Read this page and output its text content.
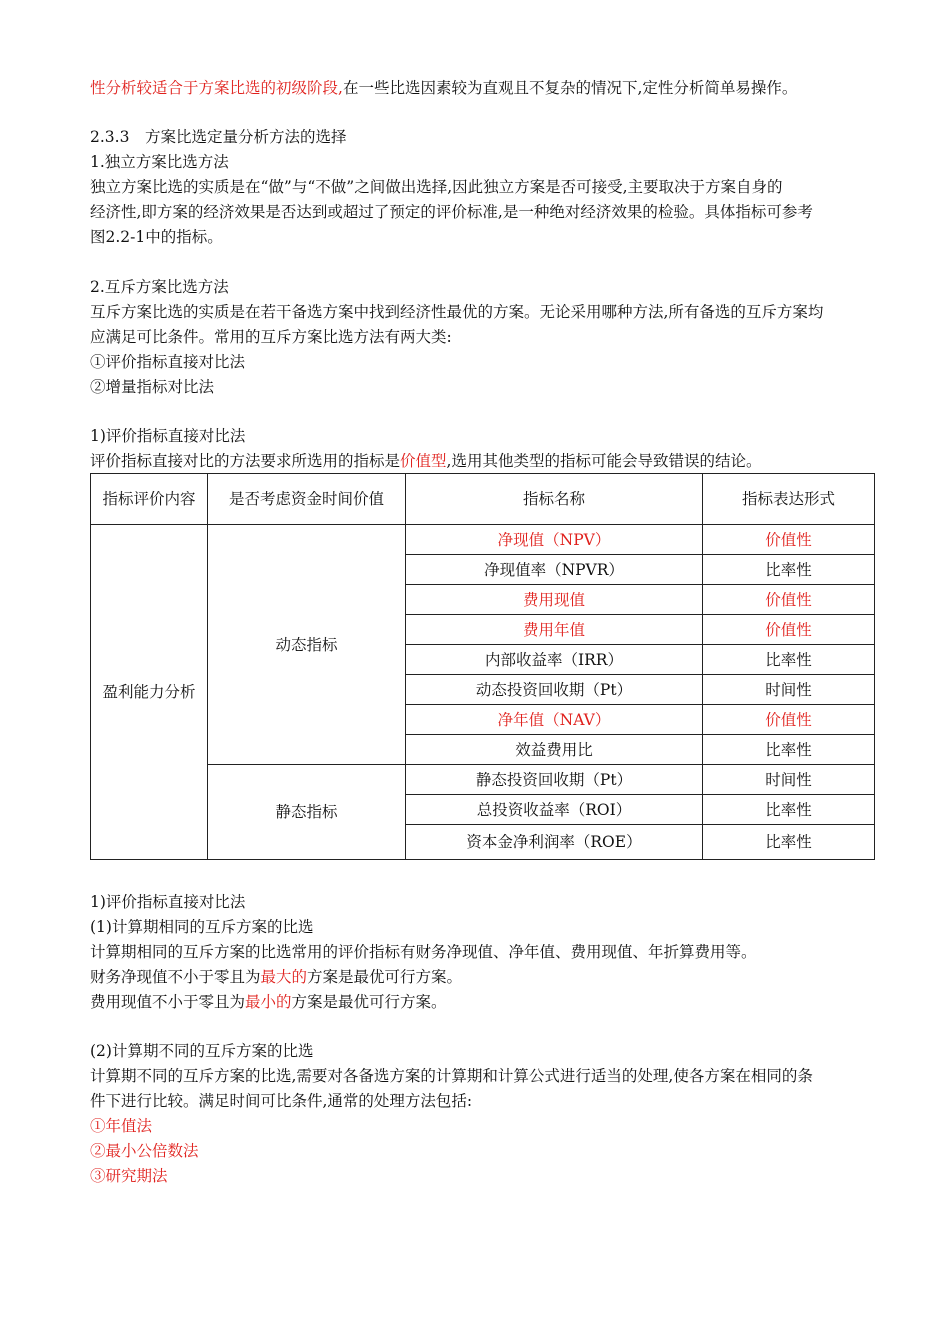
性分析较适合于方案比选的初级阶段,在一些比选因素较为直观且不复杂的情况下,定性分析简单易操作。
2.3.3　方案比选定量分析方法的选择
1.独立方案比选方法
独立方案比选的实质是在“做”与“不做”之间做出选择,因此独立方案是否可接受,主要取决于方案自身的
经济性,即方案的经济效果是否达到或超过了预定的评价标准,是一种绝对经济效果的检验。具体指标可参考
图2.2-1中的指标。
2.互斥方案比选方法
互斥方案比选的实质是在若干备选方案中找到经济性最优的方案。无论采用哪种方法,所有备选的互斥方案均
应满足可比条件。常用的互斥方案比选方法有两大类:
①评价指标直接对比法
②增量指标对比法
1)评价指标直接对比法
评价指标直接对比的方法要求所选用的指标是价值型,选用其他类型的指标可能会导致错误的结论。
指标评价内容	是否考虑资金时间价值	指标名称	指标表达形式
盈利能力分析	动态指标	净现值（NPV）	价值性
		净现值率（NPVR）	比率性
		费用现值	价值性
		费用年值	价值性
		内部收益率（IRR）	比率性
		动态投资回收期（Pt）	时间性
		净年值（NAV）	价值性
		效益费用比	比率性
	静态指标	静态投资回收期（Pt）	时间性
		总投资收益率（ROI）	比率性
		资本金净利润率（ROE）	比率性
1)评价指标直接对比法
(1)计算期相同的互斥方案的比选
计算期相同的互斥方案的比选常用的评价指标有财务净现值、净年值、费用现值、年折算费用等。
财务净现值不小于零且为最大的方案是最优可行方案。
费用现值不小于零且为最小的方案是最优可行方案。
(2)计算期不同的互斥方案的比选
计算期不同的互斥方案的比选,需要对各备选方案的计算期和计算公式进行适当的处理,使各方案在相同的条
件下进行比较。满足时间可比条件,通常的处理方法包括:
①年值法
②最小公倍数法
③研究期法
